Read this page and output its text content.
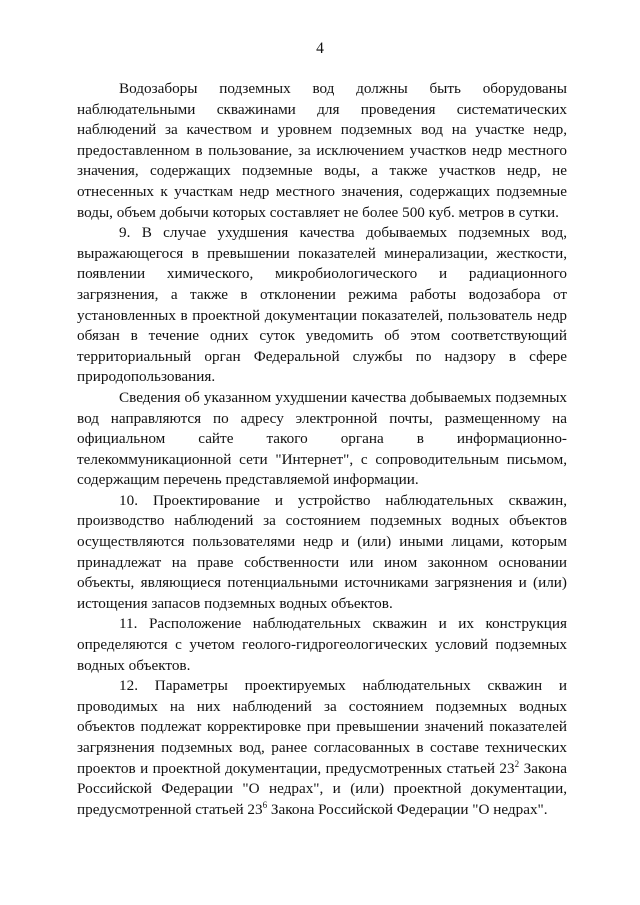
4

Водозаборы подземных вод должны быть оборудованы наблюдательными скважинами для проведения систематических наблюдений за качеством и уровнем подземных вод на участке недр, предоставленном в пользование, за исключением участков недр местного значения, содержащих подземные воды, а также участков недр, не отнесенных к участкам недр местного значения, содержащих подземные воды, объем добычи которых составляет не более 500 куб. метров в сутки.

9. В случае ухудшения качества добываемых подземных вод, выражающегося в превышении показателей минерализации, жесткости, появлении химического, микробиологического и радиационного загрязнения, а также в отклонении режима работы водозабора от установленных в проектной документации показателей, пользователь недр обязан в течение одних суток уведомить об этом соответствующий территориальный орган Федеральной службы по надзору в сфере природопользования.

Сведения об указанном ухудшении качества добываемых подземных вод направляются по адресу электронной почты, размещенному на официальном сайте такого органа в информационно-телекоммуникационной сети "Интернет", с сопроводительным письмом, содержащим перечень представляемой информации.

10. Проектирование и устройство наблюдательных скважин, производство наблюдений за состоянием подземных водных объектов осуществляются пользователями недр и (или) иными лицами, которым принадлежат на праве собственности или ином законном основании объекты, являющиеся потенциальными источниками загрязнения и (или) истощения запасов подземных водных объектов.

11. Расположение наблюдательных скважин и их конструкция определяются с учетом геолого-гидрогеологических условий подземных водных объектов.

12. Параметры проектируемых наблюдательных скважин и проводимых на них наблюдений за состоянием подземных водных объектов подлежат корректировке при превышении значений показателей загрязнения подземных вод, ранее согласованных в составе технических проектов и проектной документации, предусмотренных статьей $23^2$ Закона Российской Федерации "О недрах", и (или) проектной документации, предусмотренной статьей $23^6$ Закона Российской Федерации "О недрах".
